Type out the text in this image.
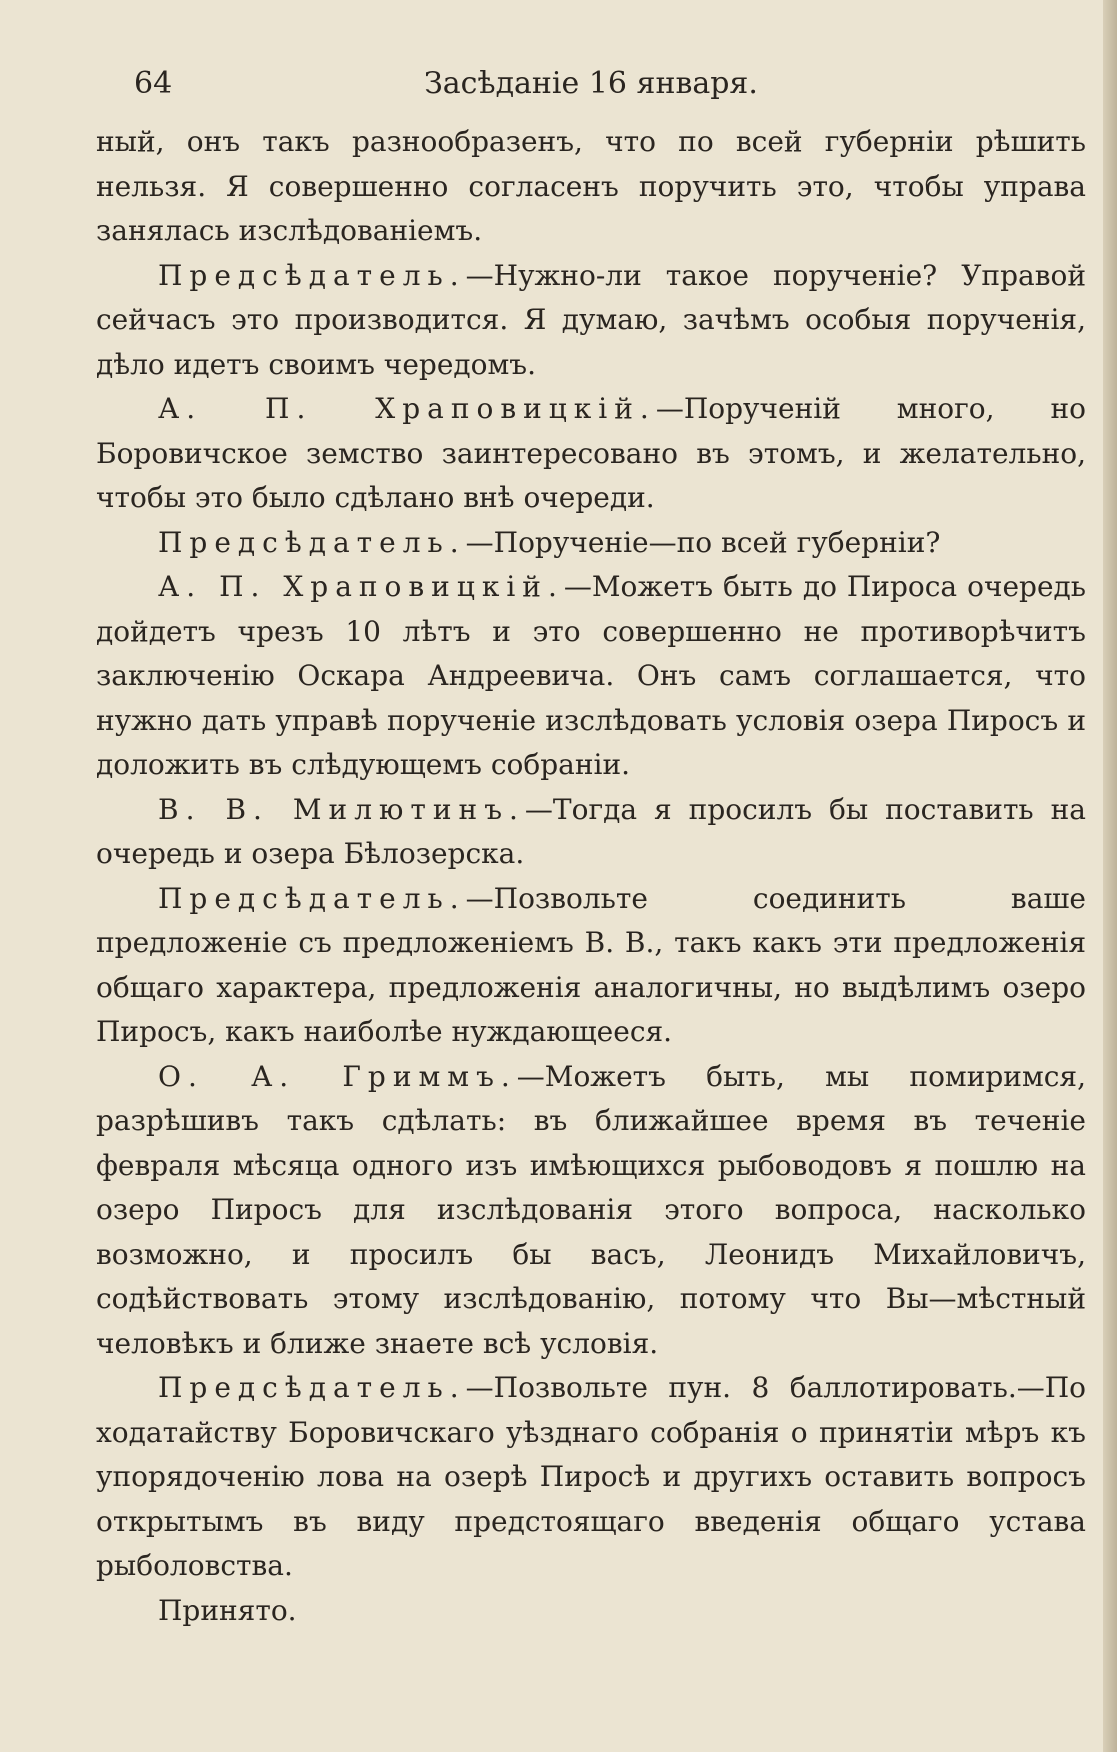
64	Засѣданіе 16 января.

ный, онъ такъ разнообразенъ, что по всей губерніи рѣшить нельзя. Я совершенно согласенъ поручить это, чтобы управа занялась изслѣдованіемъ.

Предсѣдатель.—Нужно-ли такое порученіе? Управой сейчасъ это производится. Я думаю, зачѣмъ особыя порученія, дѣло идетъ своимъ чередомъ.

А. П. Храповицкій.—Порученій много, но Боровичское земство заинтересовано въ этомъ, и желательно, чтобы это было сдѣлано внѣ очереди.

Предсѣдатель.—Порученіе—по всей губерніи?

А. П. Храповицкій.—Можетъ быть до Пироса очередь дойдетъ чрезъ 10 лѣтъ и это совершенно не противорѣчитъ заключенію Оскара Андреевича. Онъ самъ соглашается, что нужно дать управѣ порученіе изслѣдовать условія озера Пиросъ и доложить въ слѣдующемъ собраніи.

В. В. Милютинъ.—Тогда я просилъ бы поставить на очередь и озера Бѣлозерска.

Предсѣдатель.—Позвольте соединить ваше предложеніе съ предложеніемъ В. В., такъ какъ эти предложенія общаго характера, предложенія аналогичны, но выдѣлимъ озеро Пиросъ, какъ наиболѣе нуждающееся.

О. А. Гриммъ.—Можетъ быть, мы помиримся, разрѣшивъ такъ сдѣлать: въ ближайшее время въ теченіе февраля мѣсяца одного изъ имѣющихся рыбоводовъ я пошлю на озеро Пиросъ для изслѣдованія этого вопроса, насколько возможно, и просилъ бы васъ, Леонидъ Михайловичъ, содѣйствовать этому изслѣдованію, потому что Вы—мѣстный человѣкъ и ближе знаете всѣ условія.

Предсѣдатель.—Позвольте пун. 8 баллотировать.—По ходатайству Боровичскаго уѣзднаго собранія о принятіи мѣръ къ упорядоченію лова на озерѣ Пиросѣ и другихъ оставить вопросъ открытымъ въ виду предстоящаго введенія общаго устава рыболовства.

Принято.
